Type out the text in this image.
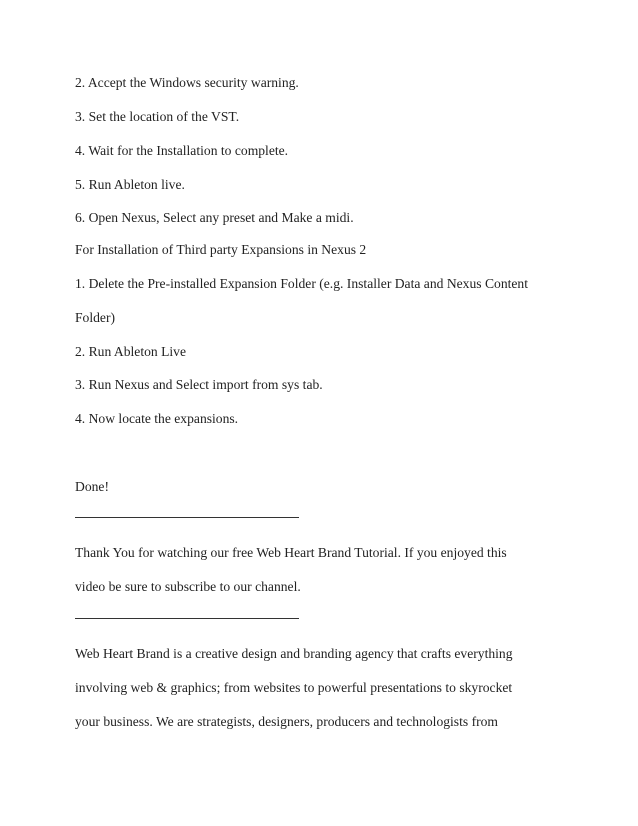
2. Accept the Windows security warning.
3. Set the location of the VST.
4. Wait for the Installation to complete.
5. Run Ableton live.
6. Open Nexus, Select any preset and Make a midi.
For Installation of Third party Expansions in Nexus 2
1. Delete the Pre-installed Expansion Folder (e.g. Installer Data and Nexus Content
Folder)
2. Run Ableton Live
3. Run Nexus and Select import from sys tab.
4. Now locate the expansions.
Done!
Thank You for watching our free Web Heart Brand Tutorial. If you enjoyed this
video be sure to subscribe to our channel.
Web Heart Brand is a creative design and branding agency that crafts everything
involving web & graphics; from websites to powerful presentations to skyrocket
your business. We are strategists, designers, producers and technologists from
